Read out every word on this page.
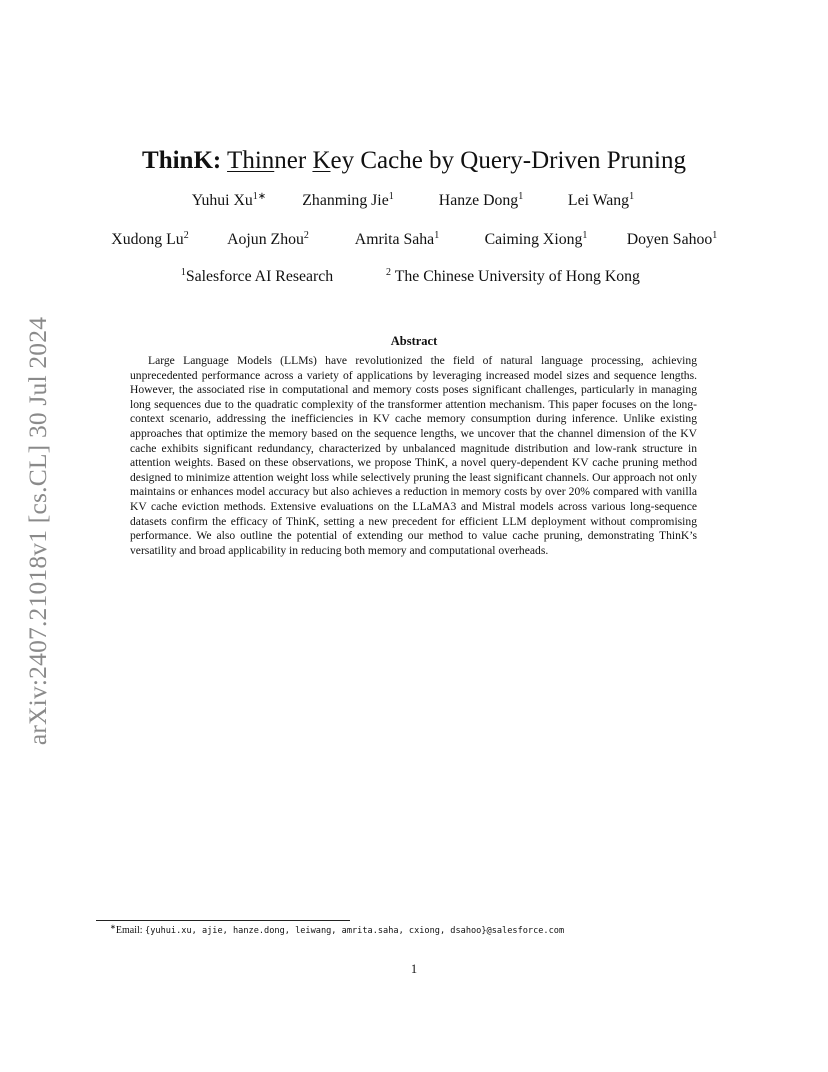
arXiv:2407.21018v1 [cs.CL] 30 Jul 2024
ThinK: Thinner Key Cache by Query-Driven Pruning
Yuhui $Xu^{1∗}$ Zhanming Jie$^1$	Hanze Dong$^1$	Lei Wang$^1$
Xudong Lu$^2$ Aojun Zhou$^2$	Amrita Saha$^1$	Caiming Xiong$^1$ Doyen Sahoo$^1$
$^1$Salesforce AI Research	$^2$ The Chinese University of Hong Kong
Abstract
Large Language Models (LLMs) have revolutionized the field of natural language processing, achieving unprecedented performance across a variety of applications by leveraging increased model sizes and sequence lengths. However, the associated rise in computational and memory costs poses significant challenges, particularly in managing long sequences due to the quadratic complexity of the transformer attention mechanism. This paper focuses on the long-context scenario, addressing the inefficiencies in KV cache memory consumption during inference. Unlike existing approaches that optimize the memory based on the sequence lengths, we uncover that the channel dimension of the KV cache exhibits significant redundancy, characterized by unbalanced magnitude distribution and low-rank structure in attention weights. Based on these observations, we propose ThinK, a novel query-dependent KV cache pruning method designed to minimize attention weight loss while selectively pruning the least significant channels. Our approach not only maintains or enhances model accuracy but also achieves a reduction in memory costs by over 20% compared with vanilla KV cache eviction methods. Extensive evaluations on the LLaMA3 and Mistral models across various long-sequence datasets confirm the efficacy of ThinK, setting a new precedent for efficient LLM deployment without compromising performance. We also outline the potential of extending our method to value cache pruning, demonstrating ThinK’s versatility and broad applicability in reducing both memory and computational overheads.
∗Email: {yuhui.xu, ajie, hanze.dong, leiwang, amrita.saha, cxiong, dsahoo}@salesforce.com
1
